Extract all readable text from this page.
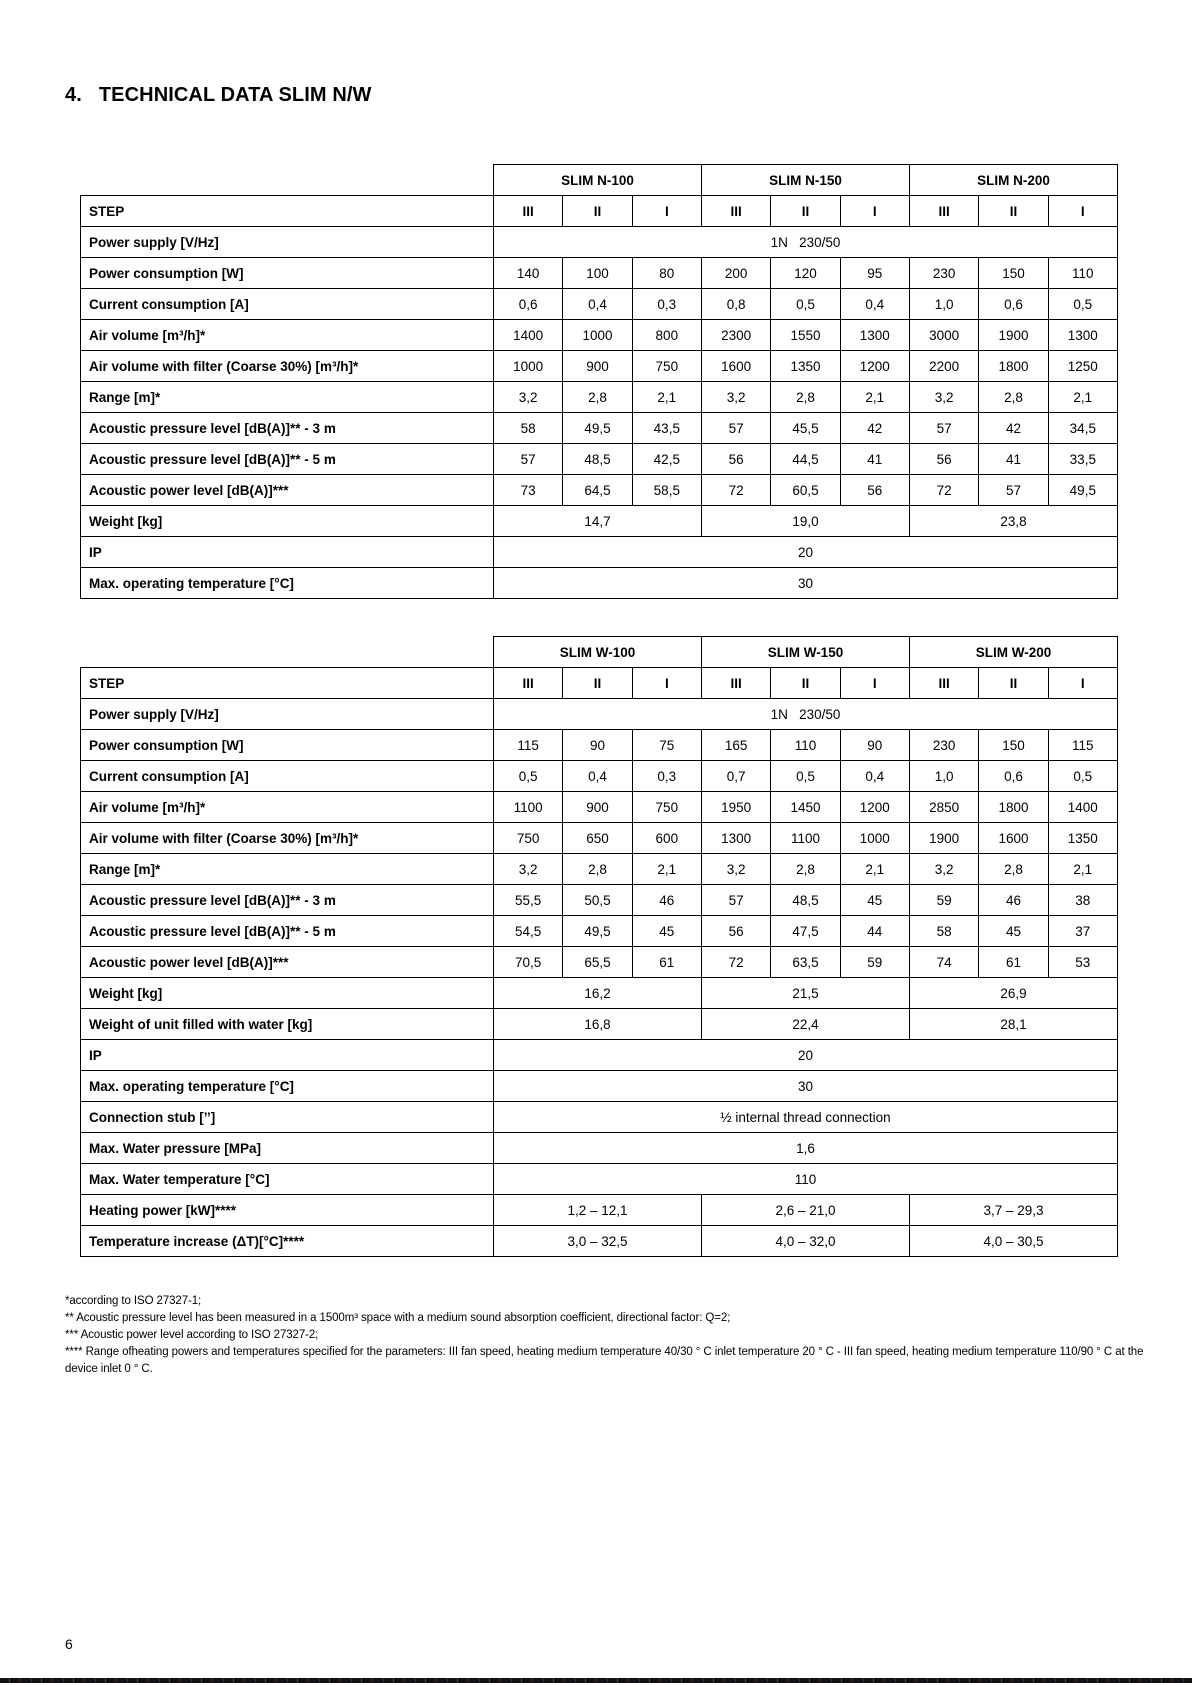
4.   TECHNICAL DATA SLIM N/W
	SLIM N-100			SLIM N-150			SLIM N-200		
STEP	III	II	I	III	II	I	III	II	I
Power supply [V/Hz]	1N   230/50								
Power consumption [W]	140	100	80	200	120	95	230	150	110
Current consumption [A]	0,6	0,4	0,3	0,8	0,5	0,4	1,0	0,6	0,5
Air volume [m³/h]*	1400	1000	800	2300	1550	1300	3000	1900	1300
Air volume with filter (Coarse 30%) [m³/h]*	1000	900	750	1600	1350	1200	2200	1800	1250
Range [m]*	3,2	2,8	2,1	3,2	2,8	2,1	3,2	2,8	2,1
Acoustic pressure level [dB(A)]** - 3 m	58	49,5	43,5	57	45,5	42	57	42	34,5
Acoustic pressure level [dB(A)]** - 5 m	57	48,5	42,5	56	44,5	41	56	41	33,5
Acoustic power level [dB(A)]***	73	64,5	58,5	72	60,5	56	72	57	49,5
Weight [kg]	14,7			19,0			23,8		
IP	20								
Max. operating temperature [°C]	30								
	SLIM W-100			SLIM W-150			SLIM W-200		
STEP	III	II	I	III	II	I	III	II	I
Power supply [V/Hz]	1N   230/50								
Power consumption [W]	115	90	75	165	110	90	230	150	115
Current consumption [A]	0,5	0,4	0,3	0,7	0,5	0,4	1,0	0,6	0,5
Air volume [m³/h]*	1100	900	750	1950	1450	1200	2850	1800	1400
Air volume with filter (Coarse 30%) [m³/h]*	750	650	600	1300	1100	1000	1900	1600	1350
Range [m]*	3,2	2,8	2,1	3,2	2,8	2,1	3,2	2,8	2,1
Acoustic pressure level [dB(A)]** - 3 m	55,5	50,5	46	57	48,5	45	59	46	38
Acoustic pressure level [dB(A)]** - 5 m	54,5	49,5	45	56	47,5	44	58	45	37
Acoustic power level [dB(A)]***	70,5	65,5	61	72	63,5	59	74	61	53
Weight [kg]	16,2			21,5			26,9		
Weight of unit filled with water [kg]	16,8			22,4			28,1		
IP	20								
Max. operating temperature [°C]	30								
Connection stub [’’]	½ internal thread connection								
Max. Water pressure [MPa]	1,6								
Max. Water temperature [°C]	110								
Heating power [kW]****	1,2 – 12,1			2,6 – 21,0			3,7 – 29,3		
Temperature increase (ΔT)[°C]****	3,0 – 32,5			4,0 – 32,0			4,0 – 30,5		
*according to ISO 27327-1;
** Acoustic pressure level has been measured in a 1500m³ space with a medium sound absorption coefficient, directional factor: Q=2;
*** Acoustic power level according to ISO 27327-2;
**** Range ofheating powers and temperatures specified for the parameters: III fan speed, heating medium temperature 40/30 ° C inlet temperature 20 ° C - III fan speed, heating medium temperature 110/90 ° C at the device inlet 0 ° C.
6
